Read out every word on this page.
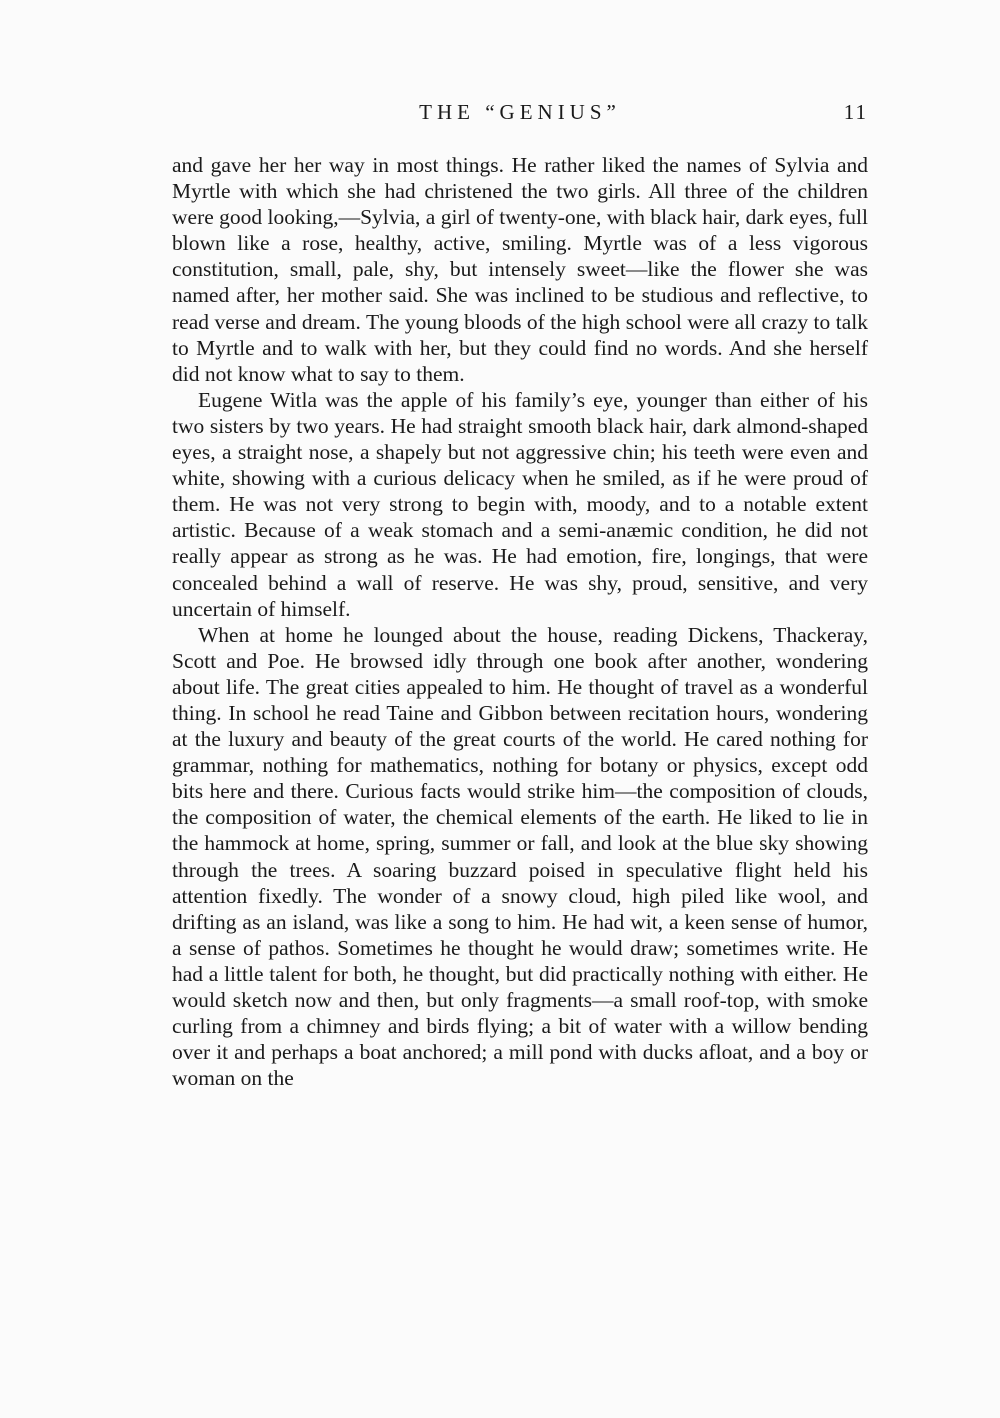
THE “GENIUS”	11

and gave her her way in most things. He rather liked the names of Sylvia and Myrtle with which she had christened the two girls. All three of the children were good looking,—Sylvia, a girl of twenty-one, with black hair, dark eyes, full blown like a rose, healthy, active, smiling. Myrtle was of a less vigorous constitution, small, pale, shy, but intensely sweet—like the flower she was named after, her mother said. She was inclined to be studious and reflective, to read verse and dream. The young bloods of the high school were all crazy to talk to Myrtle and to walk with her, but they could find no words. And she herself did not know what to say to them.

Eugene Witla was the apple of his family’s eye, younger than either of his two sisters by two years. He had straight smooth black hair, dark almond-shaped eyes, a straight nose, a shapely but not aggressive chin; his teeth were even and white, showing with a curious delicacy when he smiled, as if he were proud of them. He was not very strong to begin with, moody, and to a notable extent artistic. Because of a weak stomach and a semi-anæmic condition, he did not really appear as strong as he was. He had emotion, fire, longings, that were concealed behind a wall of reserve. He was shy, proud, sensitive, and very uncertain of himself.

When at home he lounged about the house, reading Dickens, Thackeray, Scott and Poe. He browsed idly through one book after another, wondering about life. The great cities appealed to him. He thought of travel as a wonderful thing. In school he read Taine and Gibbon between recitation hours, wondering at the luxury and beauty of the great courts of the world. He cared nothing for grammar, nothing for mathematics, nothing for botany or physics, except odd bits here and there. Curious facts would strike him—the composition of clouds, the composition of water, the chemical elements of the earth. He liked to lie in the hammock at home, spring, summer or fall, and look at the blue sky showing through the trees. A soaring buzzard poised in speculative flight held his attention fixedly. The wonder of a snowy cloud, high piled like wool, and drifting as an island, was like a song to him. He had wit, a keen sense of humor, a sense of pathos. Sometimes he thought he would draw; sometimes write. He had a little talent for both, he thought, but did practically nothing with either. He would sketch now and then, but only fragments—a small roof-top, with smoke curling from a chimney and birds flying; a bit of water with a willow bending over it and perhaps a boat anchored; a mill pond with ducks afloat, and a boy or woman on the
